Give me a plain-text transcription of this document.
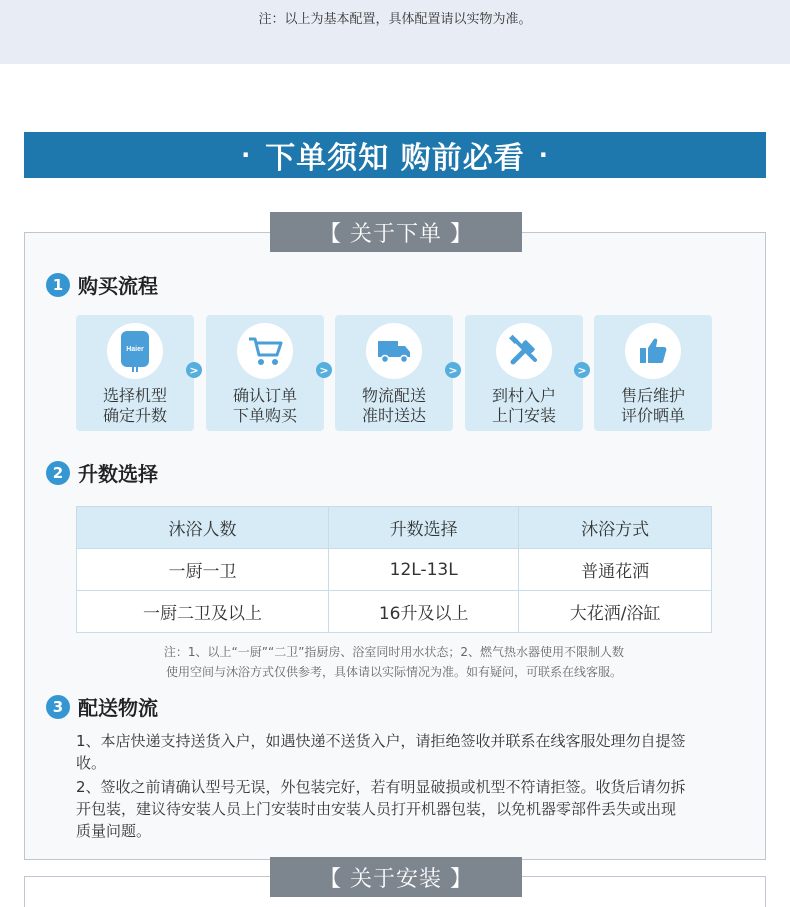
注：以上为基本配置，具体配置请以实物为准。
· 下单须知 购前必看 ·
【 关于下单 】
1 购买流程
Haier
选择机型
确定升数
>
确认订单
下单购买
>
物流配送
准时送达
>
到村入户
上门安装
>
售后维护
评价晒单
2 升数选择
沐浴人数	升数选择	沐浴方式
一厨一卫	12L-13L	普通花洒
一厨二卫及以上	16升及以上	大花洒/浴缸
注：1、以上“一厨”“二卫”指厨房、浴室同时用水状态；2、燃气热水器使用不限制人数
使用空间与沐浴方式仅供参考，具体请以实际情况为准。如有疑问，可联系在线客服。
3 配送物流
1、本店快递支持送货入户，如遇快递不送货入户，请拒绝签收并联系在线客服处理勿自提签收。
2、签收之前请确认型号无误，外包装完好，若有明显破损或机型不符请拒签。收货后请勿拆开包装，建议待安装人员上门安装时由安装人员打开机器包装，以免机器零部件丢失或出现质量问题。
【 关于安装 】
